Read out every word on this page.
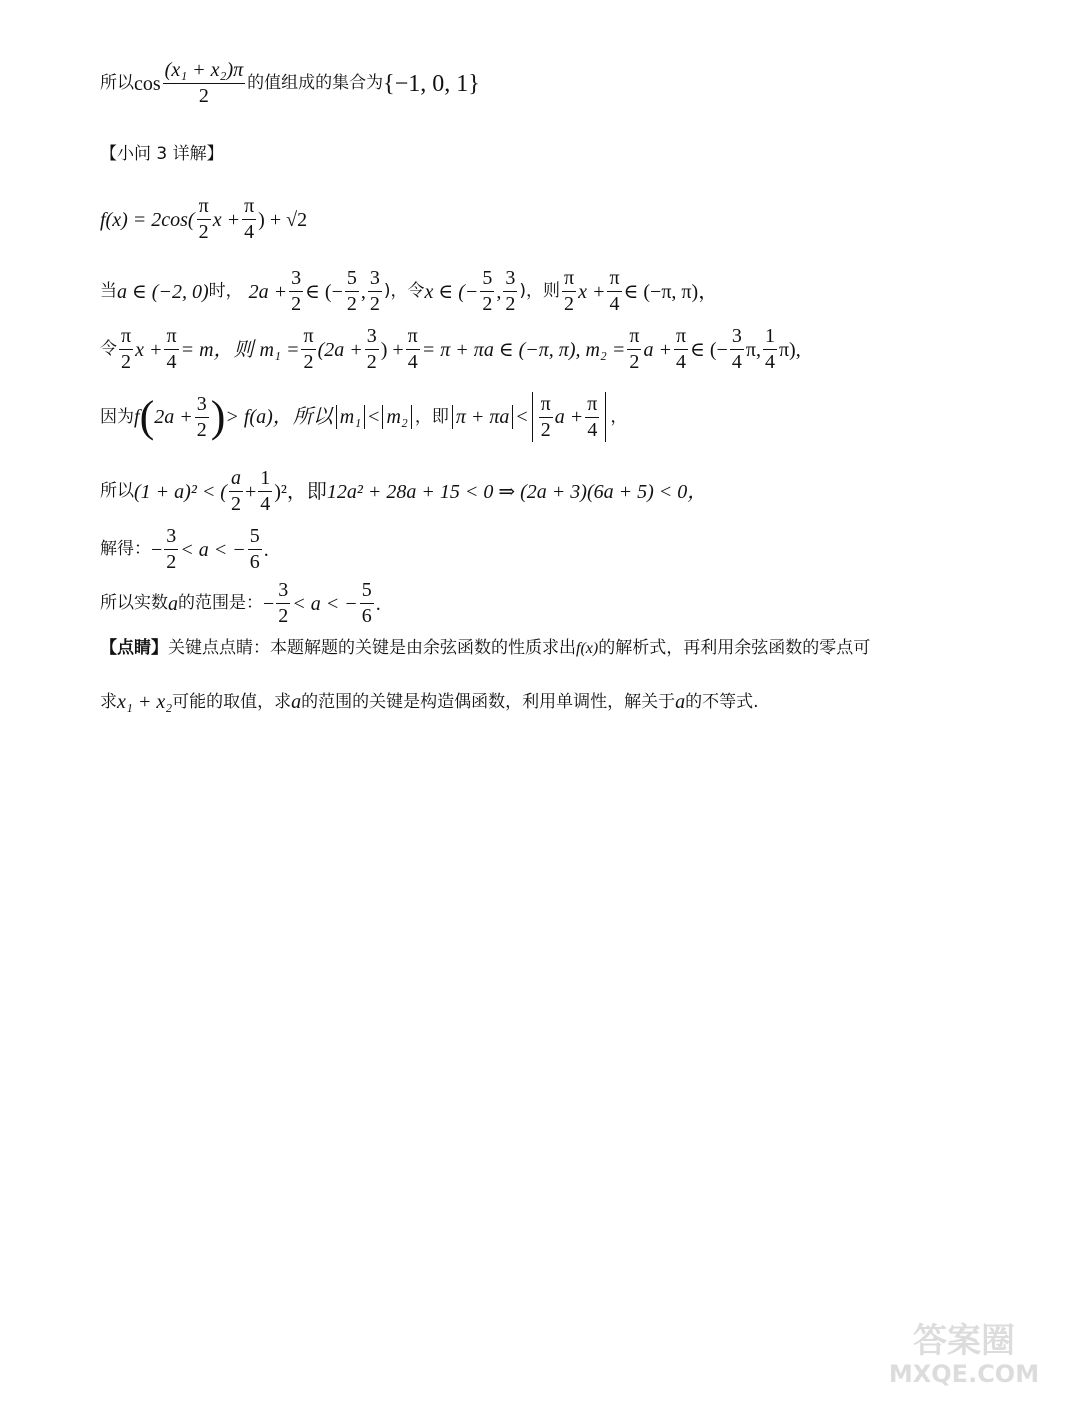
所以 $\cos \frac{\text{(x₁ + x₂)π}}{2}$ 的值组成的集合为 {−1, 0, 1}
【小问 3 详解】
$f(x) = 2\cos( \frac{\pi}{2}$ $x + \frac{\pi}{4}$ ) + √2
当 a ∈ (−2, 0) 时， $2a + \frac{3}{2}$ ∈ (− $\frac{5}{2}$ , $\frac{3}{2}$ )，令 x ∈ (− $\frac{5}{2}$ , $\frac{3}{2}$ )，则 $\frac{\pi}{2}$ $x + \frac{\pi}{4}$ ∈ (−π, π)，
令 $\frac{\pi}{2}$ $x + \frac{\pi}{4} = m$，则 $m_1 = \frac{\pi}{2} (2a + \frac{3}{2}$ ) + $\frac{\pi}{4} = \pi + \pi a$ ∈ (−π, π), $m_2 = \frac{\pi}{2}$ $a + \frac{\pi}{4}$ ∈ (− $\frac{3}{4} \pi$, $\frac{1}{4} \pi$),
因为 f ( $2a + \frac{3}{2}$ ) > f(a)，所以 m₁ < m₂ ，即 $\pi + \pi a < \frac{\pi}{2}$ $a + \frac{\pi}{4}$ ，
所以 (1 + a)² < ( $\frac{a}{2} + \frac{1}{4} )^2$，即 12a² + 28a + 15 < 0 ⇒ (2a + 3)(6a + 5) < 0，
解得： − $\frac{3}{2} < a$ < − $\frac{5}{6}$ .
所以实数 a 的范围是： − $\frac{3}{2} < a$ < − $\frac{5}{6}$ .
【点睛】 关键点点睛：本题解题的关键是由余弦函数的性质求出 f(x) 的解析式，再利用余弦函数的零点可
求 x₁ + x₂ 可能的取值，求 a 的范围的关键是构造偶函数，利用单调性，解关于 a 的不等式.
答案圈
MXQE.COM
